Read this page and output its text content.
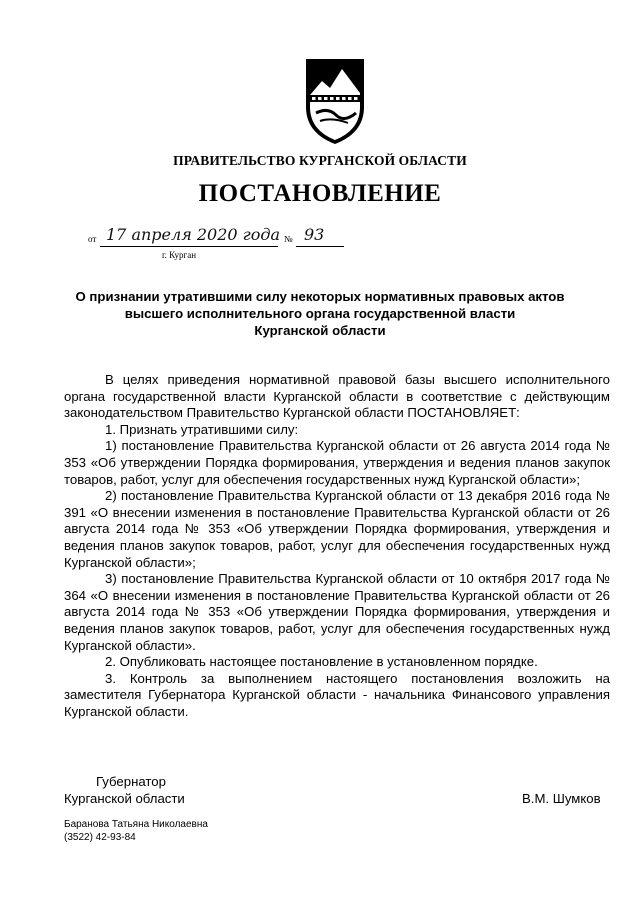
ПРАВИТЕЛЬСТВО КУРГАНСКОЙ ОБЛАСТИ
ПОСТАНОВЛЕНИЕ
от 17 апреля 2020 года № 93
г. Курган
О признании утратившими силу некоторых нормативных правовых актов
высшего исполнительного органа государственной власти
Курганской области

В целях приведения нормативной правовой базы высшего исполнительного органа государственной власти Курганской области в соответствие с действующим законодательством Правительство Курганской области ПОСТАНОВЛЯЕТ:

1. Признать утратившими силу:

1) постановление Правительства Курганской области от 26 августа 2014 года № 353 «Об утверждении Порядка формирования, утверждения и ведения планов закупок товаров, работ, услуг для обеспечения государственных нужд Курганской области»;

2) постановление Правительства Курганской области от 13 декабря 2016 года № 391 «О внесении изменения в постановление Правительства Курганской области от 26 августа 2014 года № 353 «Об утверждении Порядка формирования, утверждения и ведения планов закупок товаров, работ, услуг для обеспечения государственных нужд Курганской области»;

3) постановление Правительства Курганской области от 10 октября 2017 года № 364 «О внесении изменения в постановление Правительства Курганской области от 26 августа 2014 года № 353 «Об утверждении Порядка формирования, утверждения и ведения планов закупок товаров, работ, услуг для обеспечения государственных нужд Курганской области».

2. Опубликовать настоящее постановление в установленном порядке.

3. Контроль за выполнением настоящего постановления возложить на заместителя Губернатора Курганской области - начальника Финансового управления Курганской области.

Губернатор
Курганской области	В.М. Шумков
Баранова Татьяна Николаевна
(3522) 42-93-84
